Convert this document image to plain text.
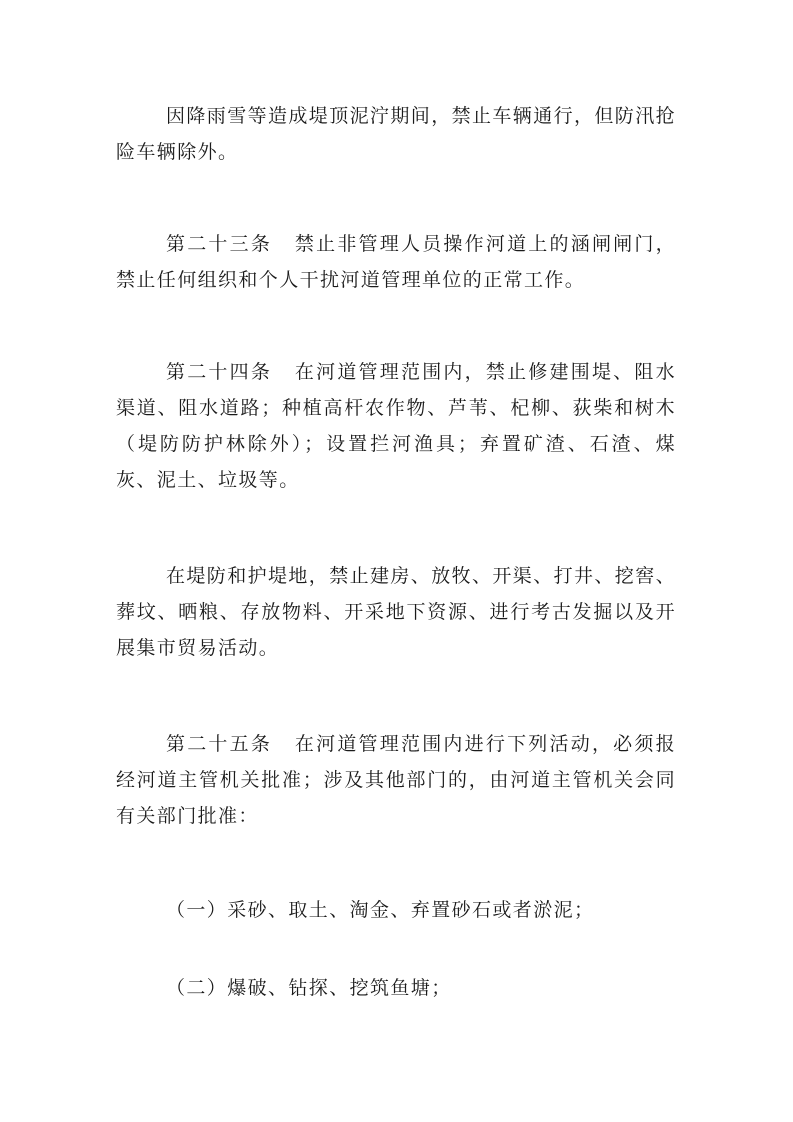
因降雨雪等造成堤顶泥泞期间，禁止车辆通行，但防汛抢险车辆除外。

第二十三条 禁止非管理人员操作河道上的涵闸闸门，禁止任何组织和个人干扰河道管理单位的正常工作。

第二十四条 在河道管理范围内，禁止修建围堤、阻水渠道、阻水道路；种植高杆农作物、芦苇、杞柳、荻柴和树木（堤防防护林除外）；设置拦河渔具；弃置矿渣、石渣、煤灰、泥土、垃圾等。

在堤防和护堤地，禁止建房、放牧、开渠、打井、挖窖、葬坟、晒粮、存放物料、开采地下资源、进行考古发掘以及开展集市贸易活动。

第二十五条 在河道管理范围内进行下列活动，必须报经河道主管机关批准；涉及其他部门的，由河道主管机关会同有关部门批准：

（一）采砂、取土、淘金、弃置砂石或者淤泥；

（二）爆破、钻探、挖筑鱼塘；
